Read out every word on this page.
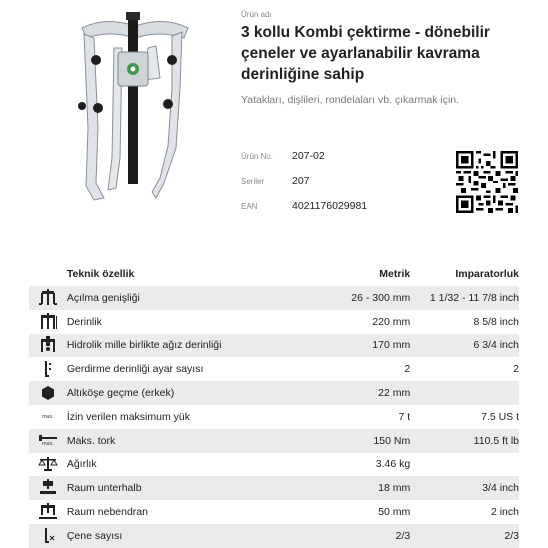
Ürün adı
3 kollu Kombi çektirme - dönebilir çeneler ve ayarlanabilir kavrama derinliğine sahip
Yatakları, dişlileri, rondelaları vb. çıkarmak için.
Ürün No.	207-02
Seriler	207
EAN	4021176029981
Teknik özellik	Metrik	Imparatorluk
Açılma genişliği	26 - 300 mm	1 1/32 - 11 7/8 inch
Derinlik	220 mm	8 5/8 inch
Hidrolik mille birlikte ağız derinliği	170 mm	6 3/4 inch
Gerdirme derinliği ayar sayısı	2	2
Altıköşe geçme (erkek)	22 mm
max. İzin verilen maksimum yük	7 t	7.5 US t
max. Maks. tork	150 Nm	110.5 ft lb
Ağırlık	3.46 kg
Raum unterhalb	18 mm	3/4 inch
Raum nebendran	50 mm	2 inch
Çene sayısı	2/3	2/3
